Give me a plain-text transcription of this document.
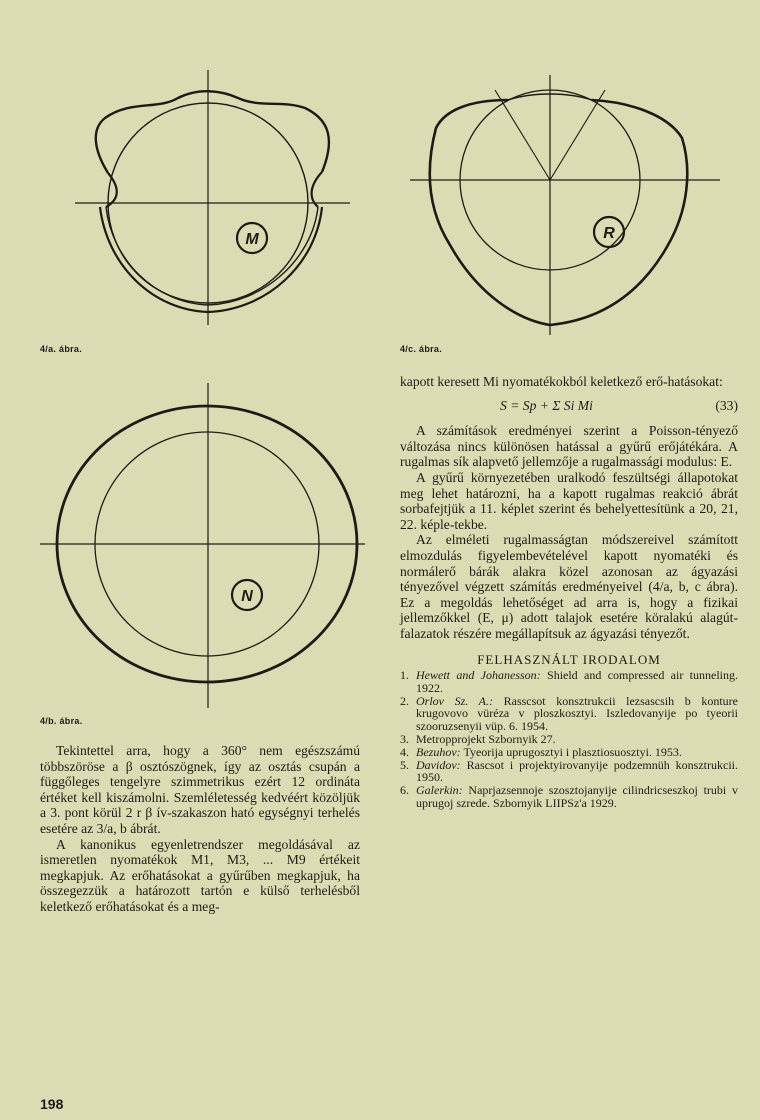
M
4/a. ábra.
R
4/c. ábra.
N
4/b. ábra.

Tekintettel arra, hogy a 360° nem egészszámú többszöröse a β osztószögnek, így az osztás csupán a függőleges tengelyre szimmetrikus ezért 12 ordináta értéket kell kiszámolni. Szemléletesség kedvéért közöljük a 3. pont körül 2 r β ív-szakaszon ható egységnyi terhelés esetére az 3/a, b ábrát.

A kanonikus egyenletrendszer megoldásával az ismeretlen nyomatékok M1, M3, ... M9 értékeit megkapjuk. Az erőhatásokat a gyűrűben megkapjuk, ha összegezzük a határozott tartón e külső terhelésből keletkező erőhatásokat és a meg-

kapott keresett Mi nyomatékokból keletkező erő-hatásokat:

S = Sp + Σ Si Mi	(33)

A számítások eredményei szerint a Poisson-tényező változása nincs különösen hatással a gyűrű erőjátékára. A rugalmas sík alapvető jellemzője a rugalmassági modulus: E.

A gyűrű környezetében uralkodó feszültségi állapotokat meg lehet határozni, ha a kapott rugalmas reakció ábrát sorbafejtjük a 11. képlet szerint és behelyettesítünk a 20, 21, 22. képle-tekbe.

Az elméleti rugalmasságtan módszereivel számított elmozdulás figyelembevételével kapott nyomatéki és normálerő bárák alakra közel azonosan az ágyazási tényezővel végzett számítás eredményeivel (4/a, b, c ábra). Ez a megoldás lehetőséget ad arra is, hogy a fizikai jellemzőkkel (E, μ) adott talajok esetére köralakú alagút-falazatok részére megállapítsuk az ágyazási tényezőt.

FELHASZNÁLT IRODALOM
1. Hewett and Johanesson: Shield and compressed air tunneling. 1922.
2. Orlov Sz. A.: Rasscsot konsztrukcii lezsascsih b konture krugovovo vüréza v ploszkosztyi. Iszledovanyije po tyeorii szooruzsenyii vüp. 6. 1954.
3. Metropprojekt Szbornyik 27.
4. Bezuhov: Tyeorija uprugosztyi i plasztiosuosztyi. 1953.
5. Davidov: Rascsot i projektyirovanyije podzemnüh konsztrukcii. 1950.
6. Galerkin: Naprjazsennoje szosztojanyije cilindricseszkoj trubi v uprugoj szrede. Szbornyik LIIPSz'a 1929.
198
